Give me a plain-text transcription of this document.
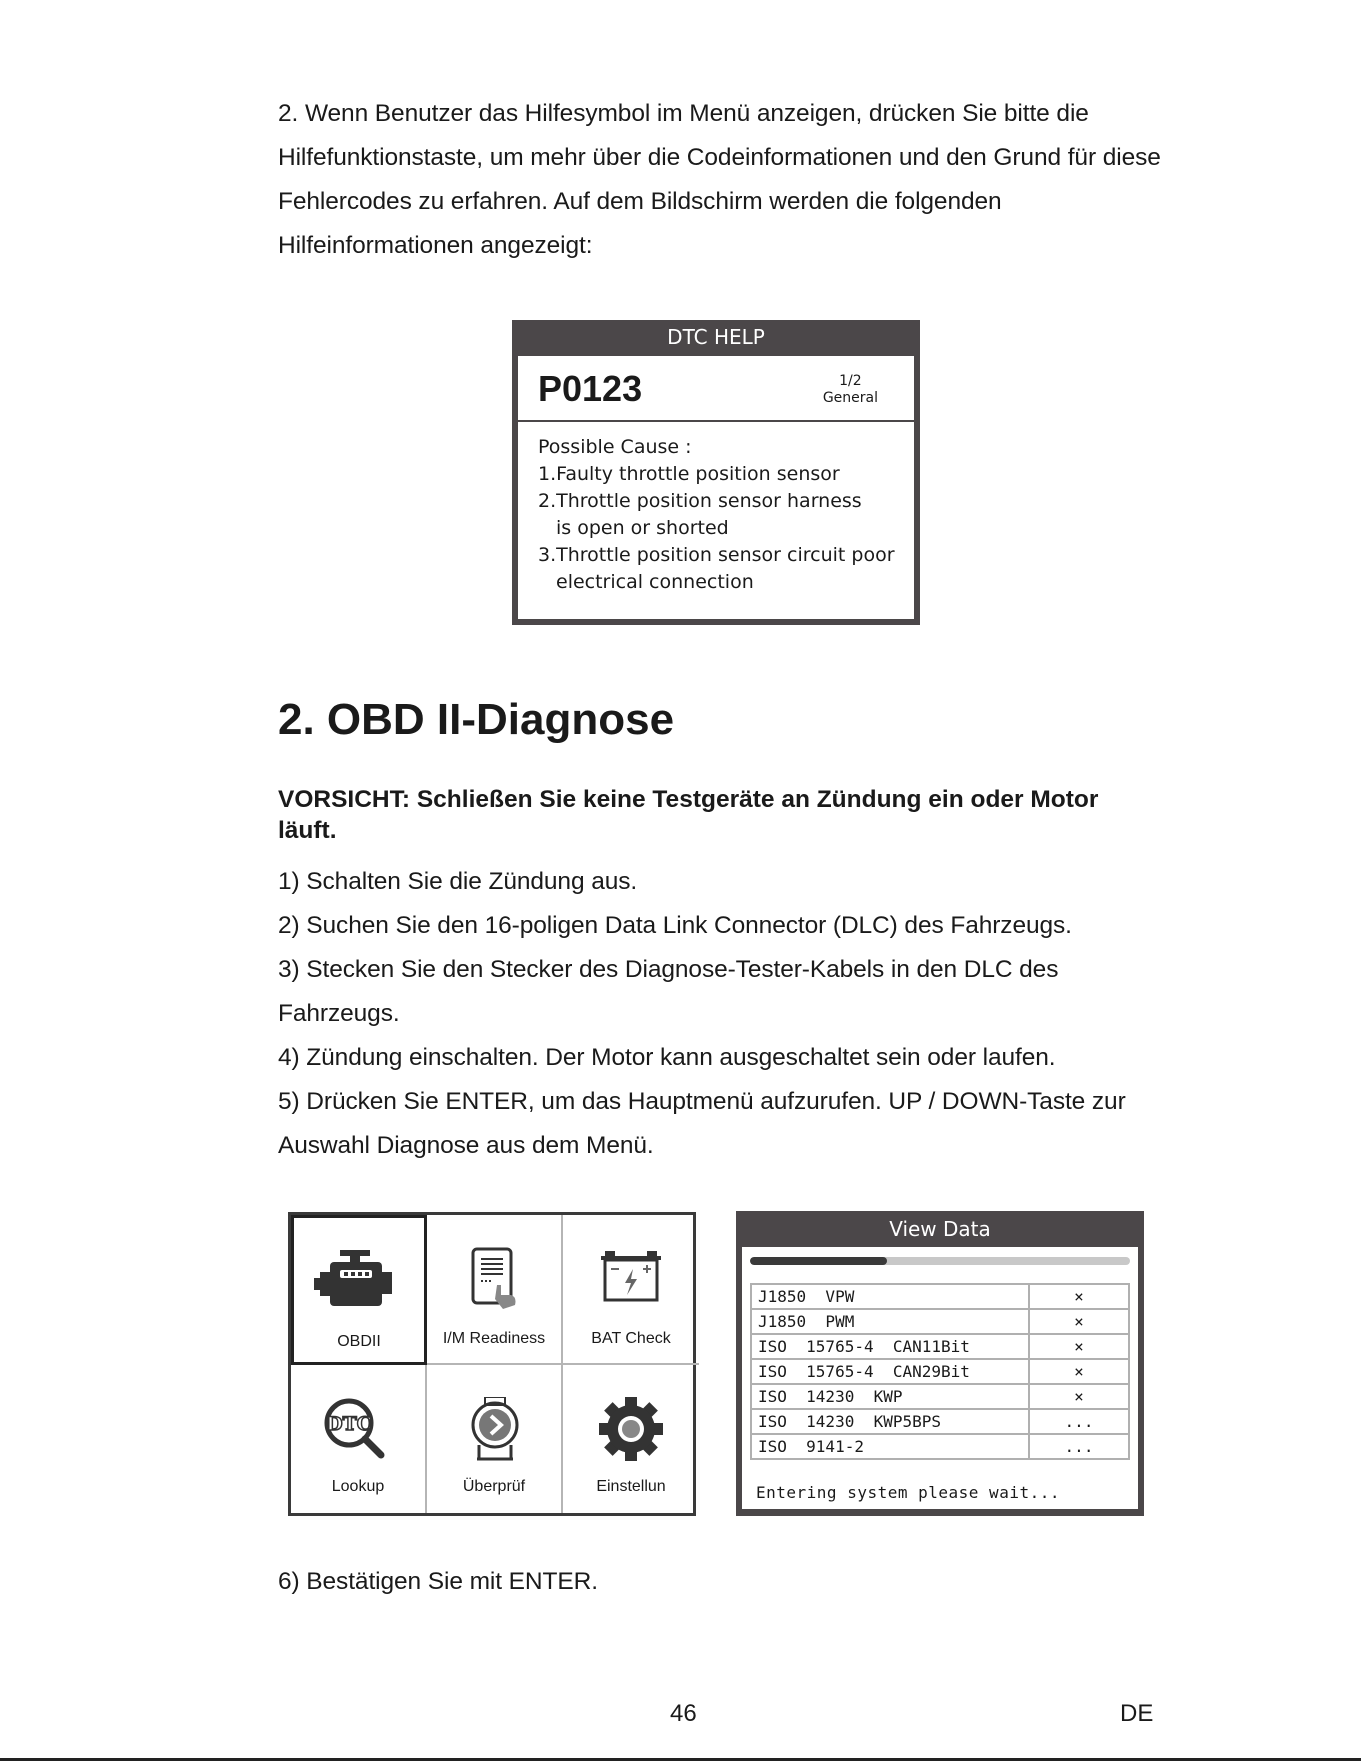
2. Wenn Benutzer das Hilfesymbol im Menü anzeigen, drücken Sie bitte die Hilfefunktionstaste, um mehr über die Codeinformationen und den Grund für diese Fehlercodes zu erfahren. Auf dem Bildschirm werden die folgenden Hilfeinformationen angezeigt:

DTC HELP
P0123	1/2
General
Possible Cause :
1.Faulty throttle position sensor
2.Throttle position sensor harness
is open or shorted
3.Throttle position sensor circuit poor
electrical connection
2. OBD II-Diagnose

VORSICHT: Schließen Sie keine Testgeräte an Zündung ein oder Motor läuft.

1) Schalten Sie die Zündung aus.
2) Suchen Sie den 16-poligen Data Link Connector (DLC) des Fahrzeugs.
3) Stecken Sie den Stecker des Diagnose-Tester-Kabels in den DLC des Fahrzeugs.
4) Zündung einschalten. Der Motor kann ausgeschaltet sein oder laufen.
5) Drücken Sie ENTER, um das Hauptmenü aufzurufen. UP / DOWN-Taste zur Auswahl Diagnose aus dem Menü.
OBDII	I/M Readiness	BAT Check
DTC
Lookup	Überprüf	Einstellun
View Data
J1850  VPW	×
J1850  PWM	×
ISO  15765-4  CAN11Bit	×
ISO  15765-4  CAN29Bit	×
ISO  14230  KWP	×
ISO  14230  KWP5BPS	...
ISO  9141-2	...
Entering system please wait...

6) Bestätigen Sie mit ENTER.

46	DE
